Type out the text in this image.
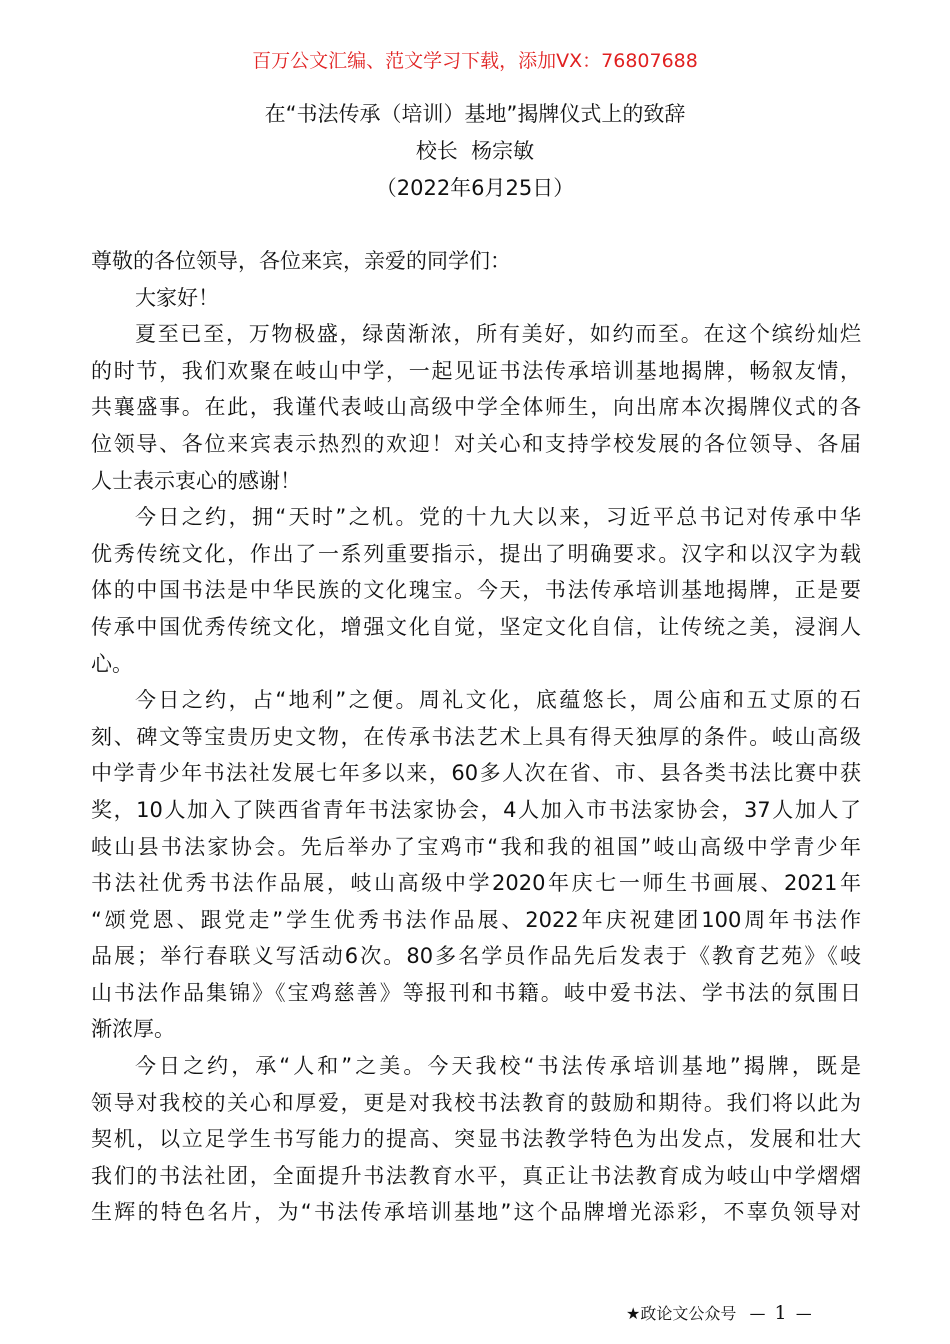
百万公文汇编、范文学习下载，添加VX：76807688
在“书法传承（培训）基地”揭牌仪式上的致辞
校长  杨宗敏
（2022年6月25日）
尊敬的各位领导，各位来宾，亲爱的同学们：
大家好！
夏至已至，万物极盛，绿茵渐浓，所有美好，如约而至。在这个缤纷灿烂
的时节，我们欢聚在岐山中学，一起见证书法传承培训基地揭牌，畅叙友情，
共襄盛事。在此，我谨代表岐山高级中学全体师生，向出席本次揭牌仪式的各
位领导、各位来宾表示热烈的欢迎！对关心和支持学校发展的各位领导、各届
人士表示衷心的感谢！
今日之约，拥“天时”之机。党的十九大以来，习近平总书记对传承中华
优秀传统文化，作出了一系列重要指示，提出了明确要求。汉字和以汉字为载
体的中国书法是中华民族的文化瑰宝。今天，书法传承培训基地揭牌，正是要
传承中国优秀传统文化，增强文化自觉，坚定文化自信，让传统之美，浸润人
心。
今日之约，占“地利”之便。周礼文化，底蕴悠长，周公庙和五丈原的石
刻、碑文等宝贵历史文物，在传承书法艺术上具有得天独厚的条件。岐山高级
中学青少年书法社发展七年多以来，60多人次在省、市、县各类书法比赛中获
奖，10人加入了陕西省青年书法家协会，4人加入市书法家协会，37人加人了
岐山县书法家协会。先后举办了宝鸡市“我和我的祖国”岐山高级中学青少年
书法社优秀书法作品展，岐山高级中学2020年庆七一师生书画展、2021年
“颂党恩、跟党走”学生优秀书法作品展、2022年庆祝建团100周年书法作
品展；举行春联义写活动6次。80多名学员作品先后发表于《教育艺苑》《岐
山书法作品集锦》《宝鸡慈善》等报刊和书籍。岐中爱书法、学书法的氛围日
渐浓厚。
今日之约，承“人和”之美。今天我校“书法传承培训基地”揭牌，既是
领导对我校的关心和厚爱，更是对我校书法教育的鼓励和期待。我们将以此为
契机，以立足学生书写能力的提高、突显书法教学特色为出发点，发展和壮大
我们的书法社团，全面提升书法教育水平，真正让书法教育成为岐山中学熠熠
生辉的特色名片，为“书法传承培训基地”这个品牌增光添彩，不辜负领导对
★政论文公众号 — 1 —
